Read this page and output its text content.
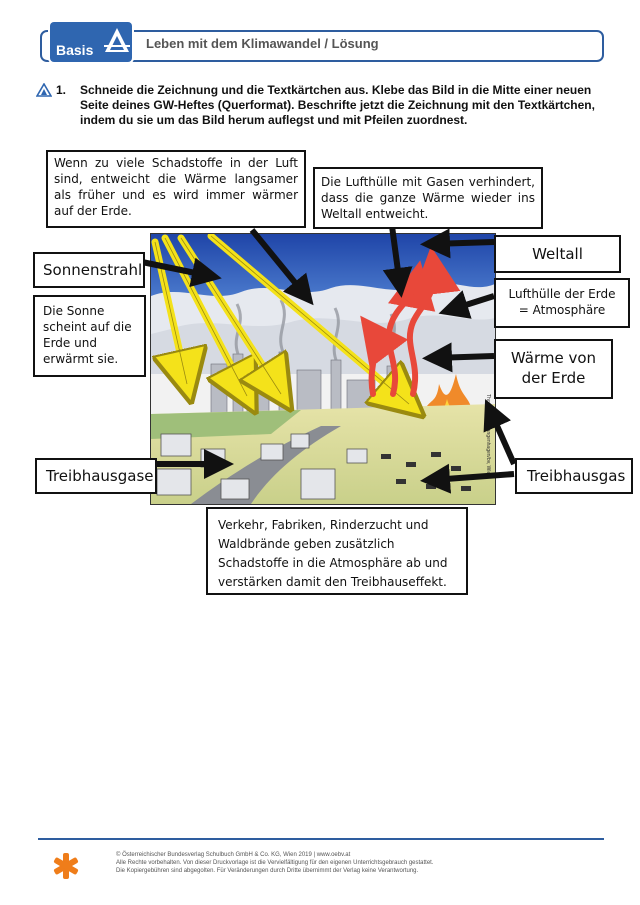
Basis	Leben mit dem Klimawandel / Lösung
1. Schneide die Zeichnung und die Textkärtchen aus. Klebe das Bild in die Mitte einer neuen Seite deines GW-Heftes (Querformat). Beschrifte jetzt die Zeichnung mit den Textkärtchen, indem du sie um das Bild herum auflegst und mit Pfeilen zuordnest.
Thomas Enzl, Langenhagen/bv, Wien
Wenn zu viele Schadstoffe in der Luft sind, entweicht die Wärme langsamer als früher und es wird immer wärmer auf der Erde.
Die Lufthülle mit Gasen verhindert, dass die ganze Wärme wieder ins Weltall entweicht.
Sonnenstrahl
Die Sonne scheint auf die Erde und erwärmt sie.
Weltall
Lufthülle der Erde = Atmosphäre
Wärme von der Erde
Treibhausgase	Treibhausgas
Verkehr, Fabriken, Rinderzucht und Waldbrände geben zusätzlich Schadstoffe in die Atmosphäre ab und verstärken damit den Treibhauseffekt.
© Österreichischer Bundesverlag Schulbuch GmbH & Co. KG, Wien 2019 | www.oebv.at
Alle Rechte vorbehalten. Von dieser Druckvorlage ist die Vervielfältigung für den eigenen Unterrichtsgebrauch gestattet.
Die Kopiergebühren sind abgegolten. Für Veränderungen durch Dritte übernimmt der Verlag keine Verantwortung.
